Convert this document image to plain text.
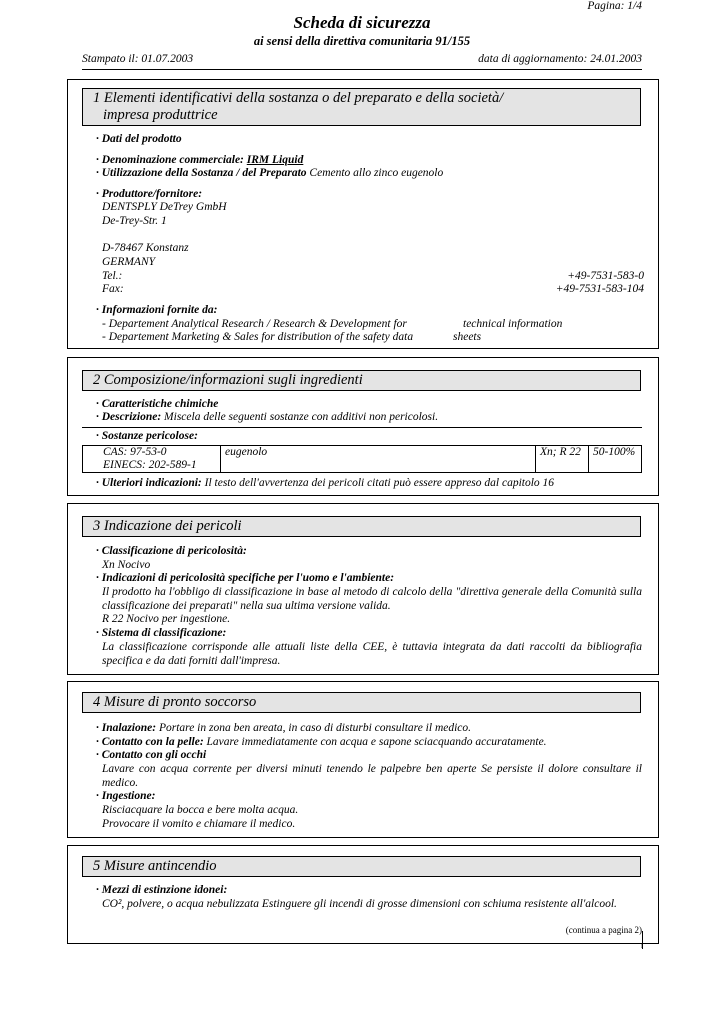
Pagina: 1/4
Scheda di sicurezza
ai sensi della direttiva comunitaria 91/155
Stampato il: 01.07.2003	data di aggiornamento: 24.01.2003
1 Elementi identificativi della sostanza o del preparato e della società/
impresa produttrice
· Dati del prodotto
· Denominazione commerciale: IRM Liquid
· Utilizzazione della Sostanza / del Preparato Cemento allo zinco eugenolo
· Produttore/fornitore:
DENTSPLY DeTrey GmbH
De-Trey-Str. 1
D-78467 Konstanz
GERMANY
Tel.:	+49-7531-583-0
Fax:	+49-7531-583-104
· Informazioni fornite da:
- Departement Analytical Research / Research & Development for	technical information
- Departement Marketing & Sales for distribution of the safety data	sheets
2 Composizione/informazioni sugli ingredienti
· Caratteristiche chimiche
· Descrizione: Miscela delle seguenti sostanze con additivi non pericolosi.
· Sostanze pericolose:
CAS: 97-53-0
EINECS: 202-589-1
	eugenolo	Xn; R 22	50-100%
· Ulteriori indicazioni: Il testo dell'avvertenza dei pericoli citati può essere appreso dal capitolo 16
3 Indicazione dei pericoli
· Classificazione di pericolosità:
Xn Nocivo
· Indicazioni di pericolosità specifiche per l'uomo e l'ambiente:
Il prodotto ha l'obbligo di classificazione in base al metodo di calcolo della "direttiva generale della Comunità sulla classificazione dei preparati" nella sua ultima versione valida.
R 22 Nocivo per ingestione.
· Sistema di classificazione:
La classificazione corrisponde alle attuali liste della CEE, è tuttavia integrata da dati raccolti da bibliografia specifica e da dati forniti dall'impresa.
4 Misure di pronto soccorso
· Inalazione: Portare in zona ben areata, in caso di disturbi consultare il medico.
· Contatto con la pelle: Lavare immediatamente con acqua e sapone sciacquando accuratamente.
· Contatto con gli occhi
Lavare con acqua corrente per diversi minuti tenendo le palpebre ben aperte Se persiste il dolore consultare il medico.
· Ingestione:
Risciacquare la bocca e bere molta acqua.
Provocare il vomito e chiamare il medico.
5 Misure antincendio
· Mezzi di estinzione idonei:
CO², polvere, o acqua nebulizzata Estinguere gli incendi di grosse dimensioni con schiuma resistente all'alcool.
(continua a pagina 2)
I
